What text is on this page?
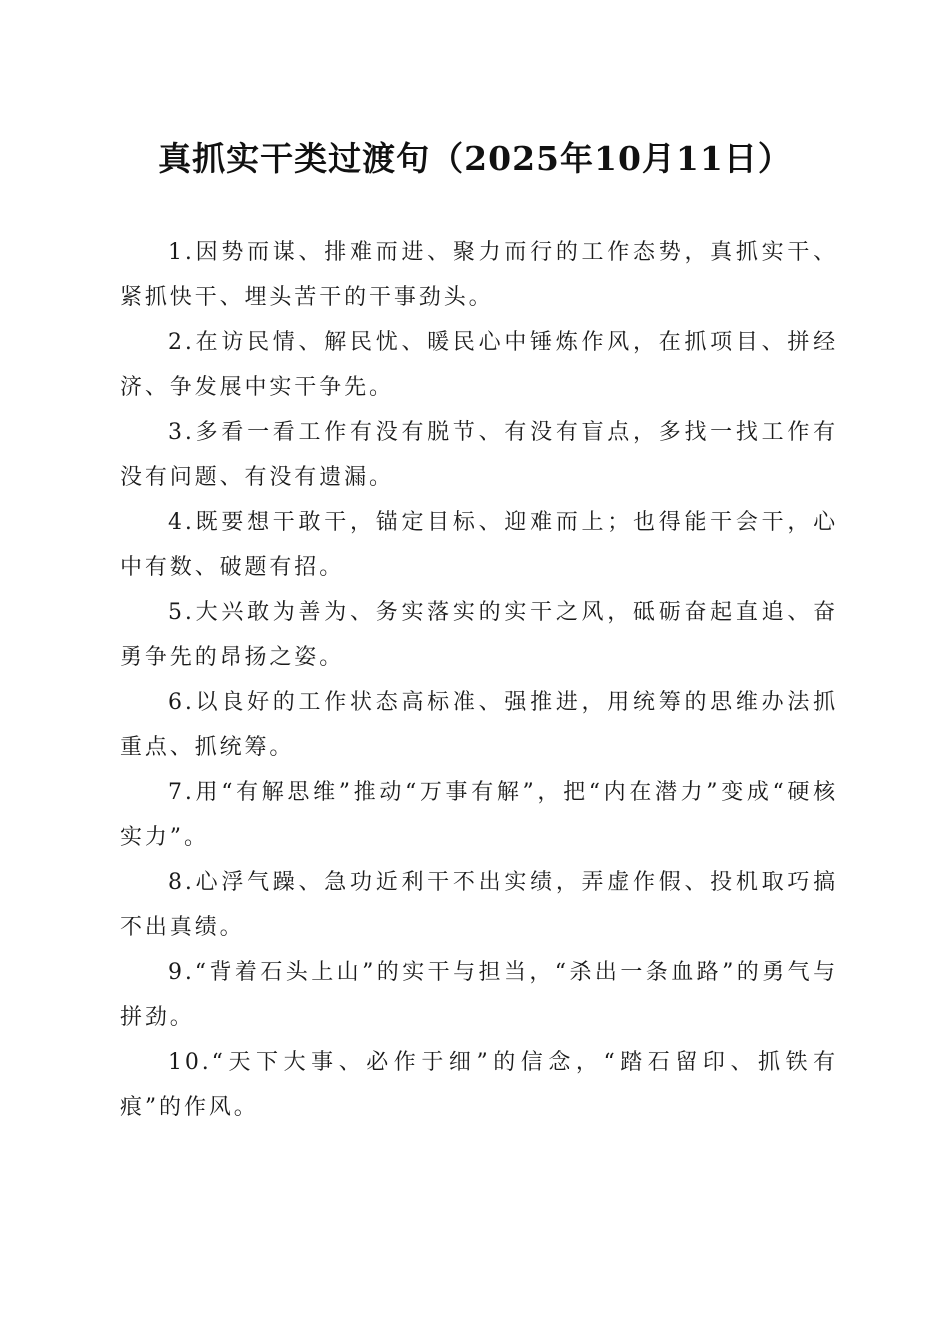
真抓实干类过渡句（2025年10月11日）
1.因势而谋、排难而进、聚力而行的工作态势，真抓实干、紧抓快干、埋头苦干的干事劲头。
2.在访民情、解民忧、暖民心中锤炼作风，在抓项目、拼经济、争发展中实干争先。
3.多看一看工作有没有脱节、有没有盲点，多找一找工作有没有问题、有没有遗漏。
4.既要想干敢干，锚定目标、迎难而上；也得能干会干，心中有数、破题有招。
5.大兴敢为善为、务实落实的实干之风，砥砺奋起直追、奋勇争先的昂扬之姿。
6.以良好的工作状态高标准、强推进，用统筹的思维办法抓重点、抓统筹。
7.用“有解思维”推动“万事有解”，把“内在潜力”变成“硬核实力”。
8.心浮气躁、急功近利干不出实绩，弄虚作假、投机取巧搞不出真绩。
9.“背着石头上山”的实干与担当，“杀出一条血路”的勇气与拼劲。
10.“天下大事、必作于细”的信念，“踏石留印、抓铁有痕”的作风。
